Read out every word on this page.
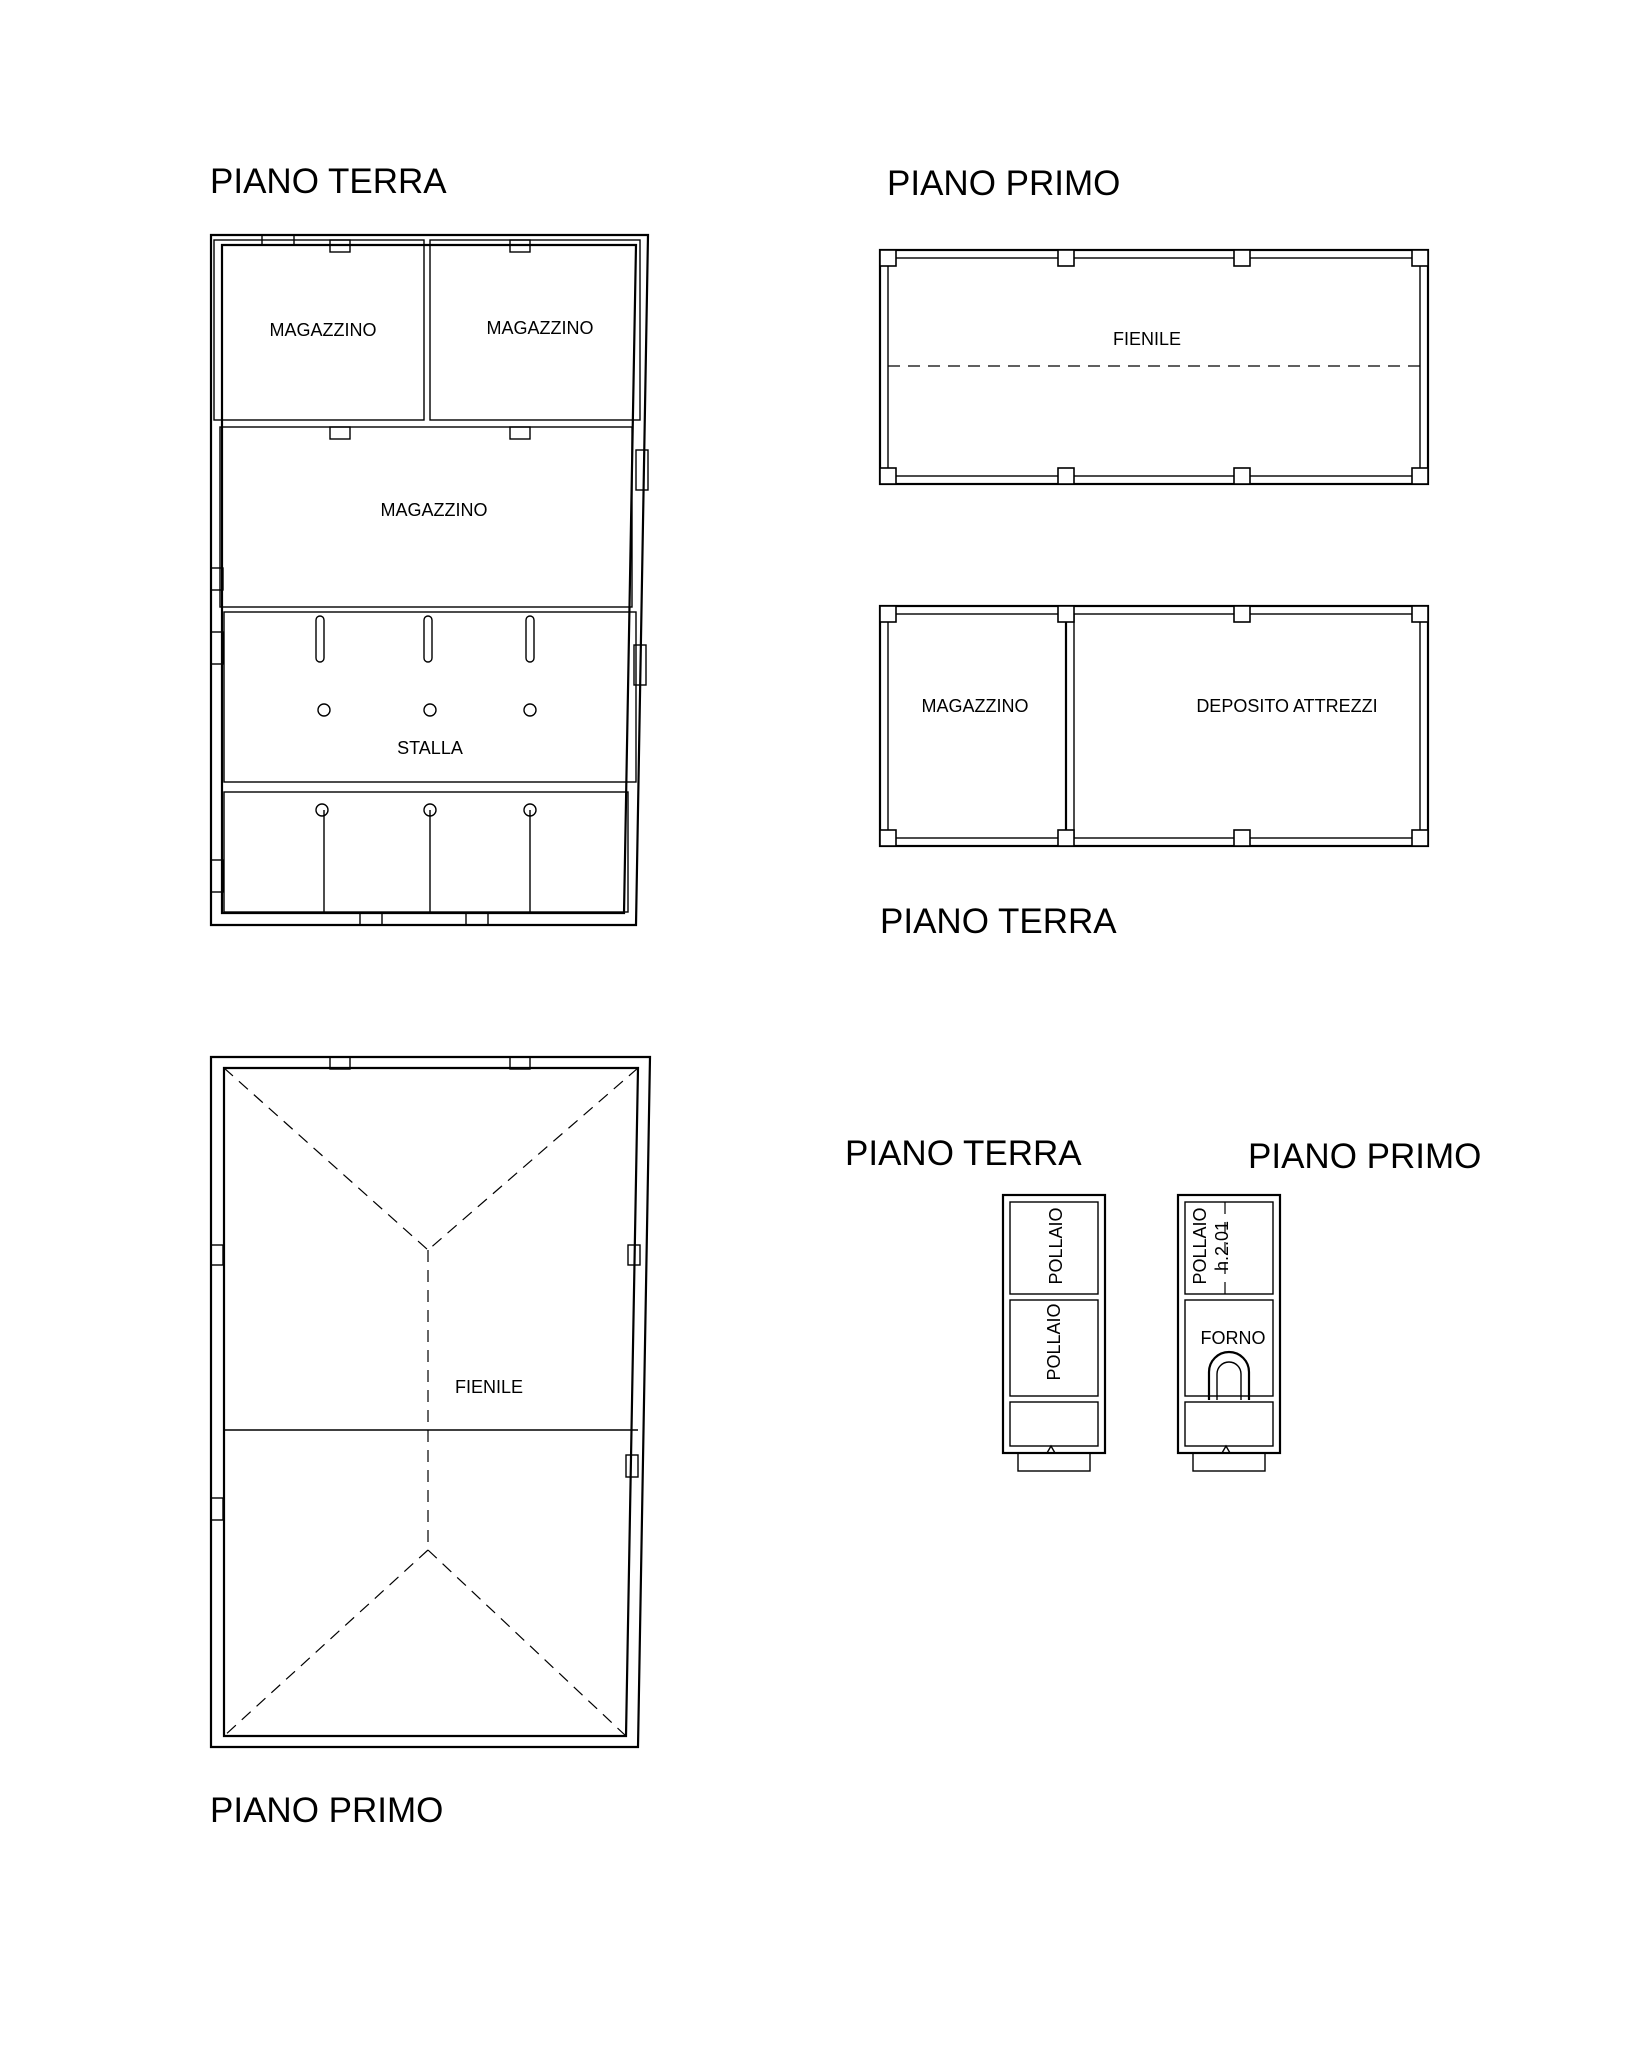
PIANO TERRA
MAGAZZINO	MAGAZZINO
MAGAZZINO
STALLA
FIENILE
PIANO PRIMO
PIANO PRIMO
FIENILE
MAGAZZINO	DEPOSITO ATTREZZI
PIANO TERRA
PIANO TERRA
POLLAIO
POLLAIO
PIANO PRIMO
POLLAIO h.2.01
FORNO
